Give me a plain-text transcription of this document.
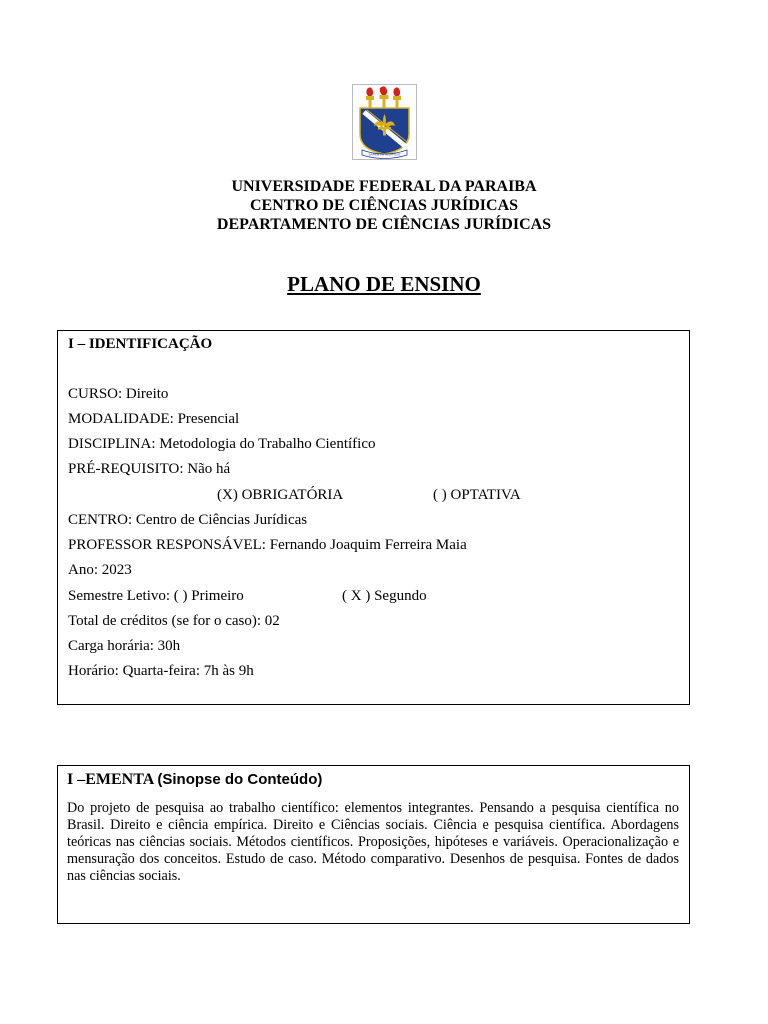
SAPIENTIA AEDIFICAT
UNIVERSIDADE FEDERAL DA PARAIBA
CENTRO DE CIÊNCIAS JURÍDICAS
DEPARTAMENTO DE CIÊNCIAS JURÍDICAS
PLANO DE ENSINO
I – IDENTIFICAÇÃO
CURSO: Direito
MODALIDADE: Presencial
DISCIPLINA: Metodologia do Trabalho Científico
PRÉ-REQUISITO: Não há
(X) OBRIGATÓRIA	( ) OPTATIVA
CENTRO: Centro de Ciências Jurídicas
PROFESSOR RESPONSÁVEL: Fernando Joaquim Ferreira Maia
Ano: 2023
Semestre Letivo: ( ) Primeiro	( X ) Segundo
Total de créditos (se for o caso): 02
Carga horária: 30h
Horário: Quarta-feira: 7h às 9h
I –EMENTA (Sinopse do Conteúdo)
Do projeto de pesquisa ao trabalho científico: elementos integrantes. Pensando a pesquisa científica no Brasil. Direito e ciência empírica. Direito e Ciências sociais. Ciência e pesquisa científica. Abordagens teóricas nas ciências sociais. Métodos científicos. Proposições, hipóteses e variáveis. Operacionalização e mensuração dos conceitos. Estudo de caso. Método comparativo. Desenhos de pesquisa. Fontes de dados nas ciências sociais.
